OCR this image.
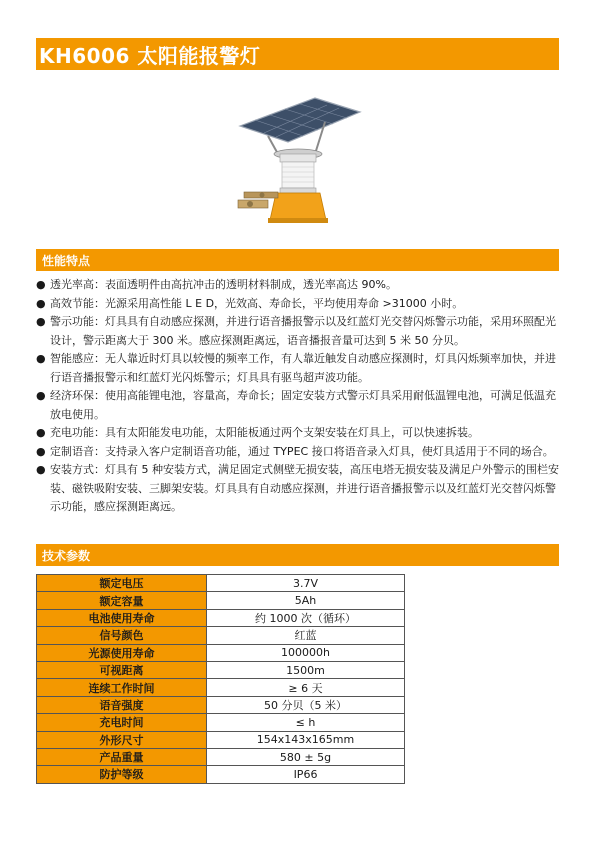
KH6006 太阳能报警灯
性能特点
● 透光率高：表面透明件由高抗冲击的透明材料制成，透光率高达 90%。
● 高效节能：光源采用高性能 L E D，光效高、寿命长，平均使用寿命 >31000 小时。
● 警示功能：灯具具有自动感应探测，并进行语音播报警示以及红蓝灯光交替闪烁警示功能，采用环照配光设计，警示距离大于 300 米。感应探测距离远，语音播报音量可达到 5 米 50 分贝。
● 智能感应：无人靠近时灯具以较慢的频率工作，有人靠近触发自动感应探测时，灯具闪烁频率加快，并进行语音播报警示和红蓝灯光闪烁警示；灯具具有驱鸟超声波功能。
● 经济环保：使用高能锂电池，容量高，寿命长；固定安装方式警示灯具采用耐低温锂电池，可满足低温充放电使用。
● 充电功能：具有太阳能发电功能，太阳能板通过两个支架安装在灯具上，可以快速拆装。
● 定制语音：支持录入客户定制语音功能，通过 TYPEC 接口将语音录入灯具，使灯具适用于不同的场合。
● 安装方式：灯具有 5 种安装方式，满足固定式侧壁无损安装，高压电塔无损安装及满足户外警示的围栏安装、磁铁吸附安装、三脚架安装。灯具具有自动感应探测，并进行语音播报警示以及红蓝灯光交替闪烁警示功能，感应探测距离远。
技术参数
额定电压	3.7V
额定容量	5Ah
电池使用寿命	约 1000 次（循环）
信号颜色	红蓝
光源使用寿命	100000h
可视距离	1500m
连续工作时间	≥ 6 天
语音强度	50 分贝（5 米）
充电时间	≤ h
外形尺寸	154x143x165mm
产品重量	580 ± 5g
防护等级	IP66
